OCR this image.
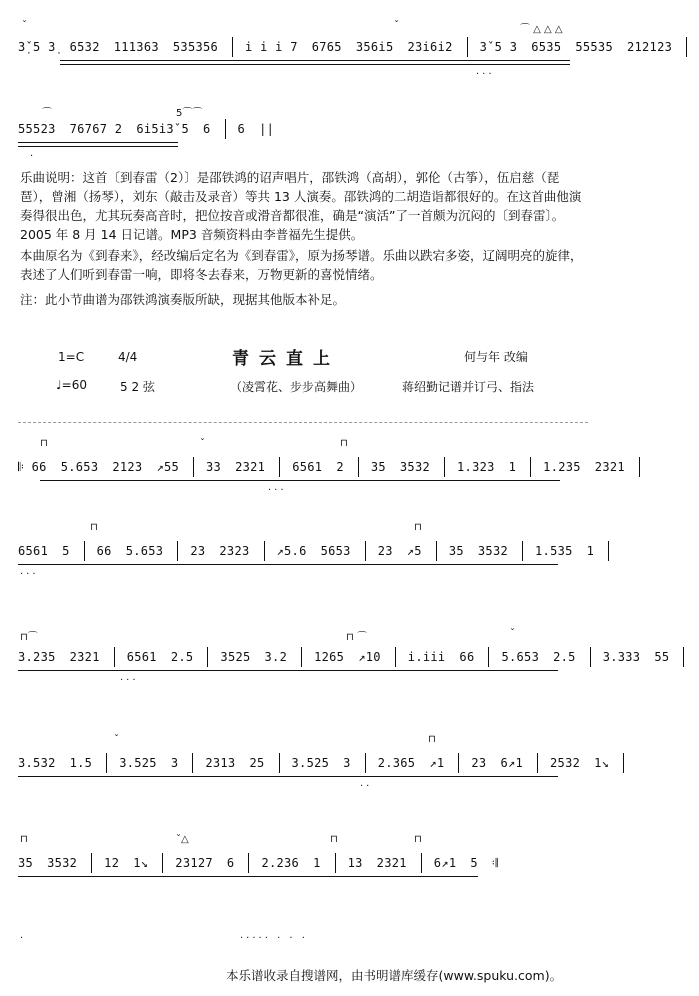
3̣ˇ5 3̣ 6532 111363 535356 i i i 7 6765 356i5 23i6i2 3ˇ5 3 6535 55535 212123
...
ˇ	ˇ	⌒ △ △ △
55523 76767 2 6i5i3ˇ5 6 6 ||
.
⌒	5⌒⌒
乐曲说明：这首〔到春雷（2）〕是邵铁鸿的诏声唱片，邵铁鸿（高胡），郭伦（古筝），伍启慈（琵琶），曾湘（扬琴），刘东（敲击及录音）等共 13 人演奏。邵铁鸿的二胡造诣都很好的。在这首曲他演奏得很出色，尤其玩奏高音时，把位按音或滑音都很准，确是“演活”了一首颇为沉闷的〔到春雷〕。2005 年 8 月 14 日记谱。MP3 音频资料由李普福先生提供。
本曲原名为《到春来》，经改编后定名为《到春雷》，原为扬琴谱。乐曲以跌宕多姿，辽阔明亮的旋律，表述了人们听到春雷一响，即将冬去春来，万物更新的喜悦情绪。
注：此小节曲谱为邵铁鸿演奏版所缺，现据其他版本补足。
1=C	4/4	青云直上	何与年 改编
♩=60	5 2 弦	（凌霄花、步步高舞曲）	蒋绍勤记谱并订弓、指法
𝄆 66 5.653 2123 ↗55 33 2321 6561 2 35 3532 1.323 1 1.235 2321
...
⊓	ˇ	⊓
6561 5 66 5.653 23 2323 ↗5.6 5653 23 ↗5 35 3532 1.535 1
...
⊓	⊓
3.235 2321 6561 2.5 3525 3.2 1265 ↗10 i.iii 66 5.653 2.5 3.333 55
...
⊓⌒	⊓ ⌒	ˇ
3.532 1.5 3.525 3 2313 25 3.525 3 2.365 ↗1 23 6↗1 2532 1↘
..
ˇ	⊓
35 3532 12 1↘ 23127 6 2.236 1 13 2321 6↗1 5 𝄇
.	..... . . .
⊓	ˇ△	⊓	⊓
本乐谱收录自搜谱网，由书明谱库缓存(www.spuku.com)。
